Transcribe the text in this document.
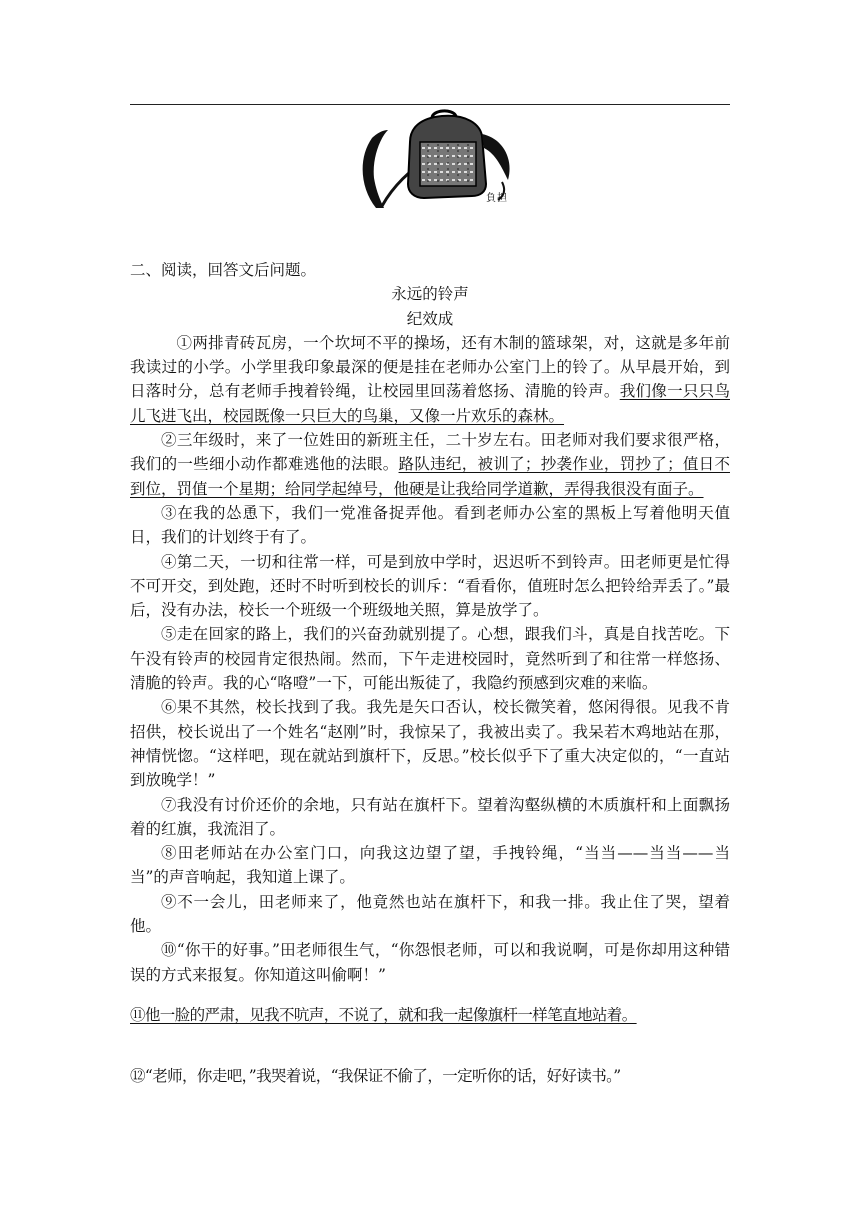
負担

二、阅读，回答文后问题。

永远的铃声

纪效成

①两排青砖瓦房，一个坎坷不平的操场，还有木制的篮球架，对，这就是多年前我读过的小学。小学里我印象最深的便是挂在老师办公室门上的铃了。从早晨开始，到日落时分，总有老师手拽着铃绳，让校园里回荡着悠扬、清脆的铃声。我们像一只只鸟儿飞进飞出，校园既像一只巨大的鸟巢，又像一片欢乐的森林。

②三年级时，来了一位姓田的新班主任，二十岁左右。田老师对我们要求很严格，我们的一些细小动作都难逃他的法眼。路队违纪，被训了；抄袭作业，罚抄了；值日不到位，罚值一个星期；给同学起绰号，他硬是让我给同学道歉，弄得我很没有面子。

③在我的怂恿下，我们一党准备捉弄他。看到老师办公室的黑板上写着他明天值日，我们的计划终于有了。

④第二天，一切和往常一样，可是到放中学时，迟迟听不到铃声。田老师更是忙得不可开交，到处跑，还时不时听到校长的训斥：“看看你，值班时怎么把铃给弄丢了。”最后，没有办法，校长一个班级一个班级地关照，算是放学了。

⑤走在回家的路上，我们的兴奋劲就别提了。心想，跟我们斗，真是自找苦吃。下午没有铃声的校园肯定很热闹。然而，下午走进校园时，竟然听到了和往常一样悠扬、清脆的铃声。我的心“咯噔”一下，可能出叛徒了，我隐约预感到灾难的来临。

⑥果不其然，校长找到了我。我先是矢口否认，校长微笑着，悠闲得很。见我不肯招供，校长说出了一个姓名“赵刚”时，我惊呆了，我被出卖了。我呆若木鸡地站在那，神情恍惚。“这样吧，现在就站到旗杆下，反思。”校长似乎下了重大决定似的，“一直站到放晚学！”

⑦我没有讨价还价的余地，只有站在旗杆下。望着沟壑纵横的木质旗杆和上面飘扬着的红旗，我流泪了。

⑧田老师站在办公室门口，向我这边望了望，手拽铃绳，“当当——当当——当当”的声音响起，我知道上课了。

⑨不一会儿，田老师来了，他竟然也站在旗杆下，和我一排。我止住了哭，望着他。

⑩“你干的好事。”田老师很生气，“你怨恨老师，可以和我说啊，可是你却用这种错误的方式来报复。你知道这叫偷啊！”

⑪他一脸的严肃，见我不吭声，不说了，就和我一起像旗杆一样笔直地站着。

⑫“老师，你走吧，”我哭着说，“我保证不偷了，一定听你的话，好好读书。”
